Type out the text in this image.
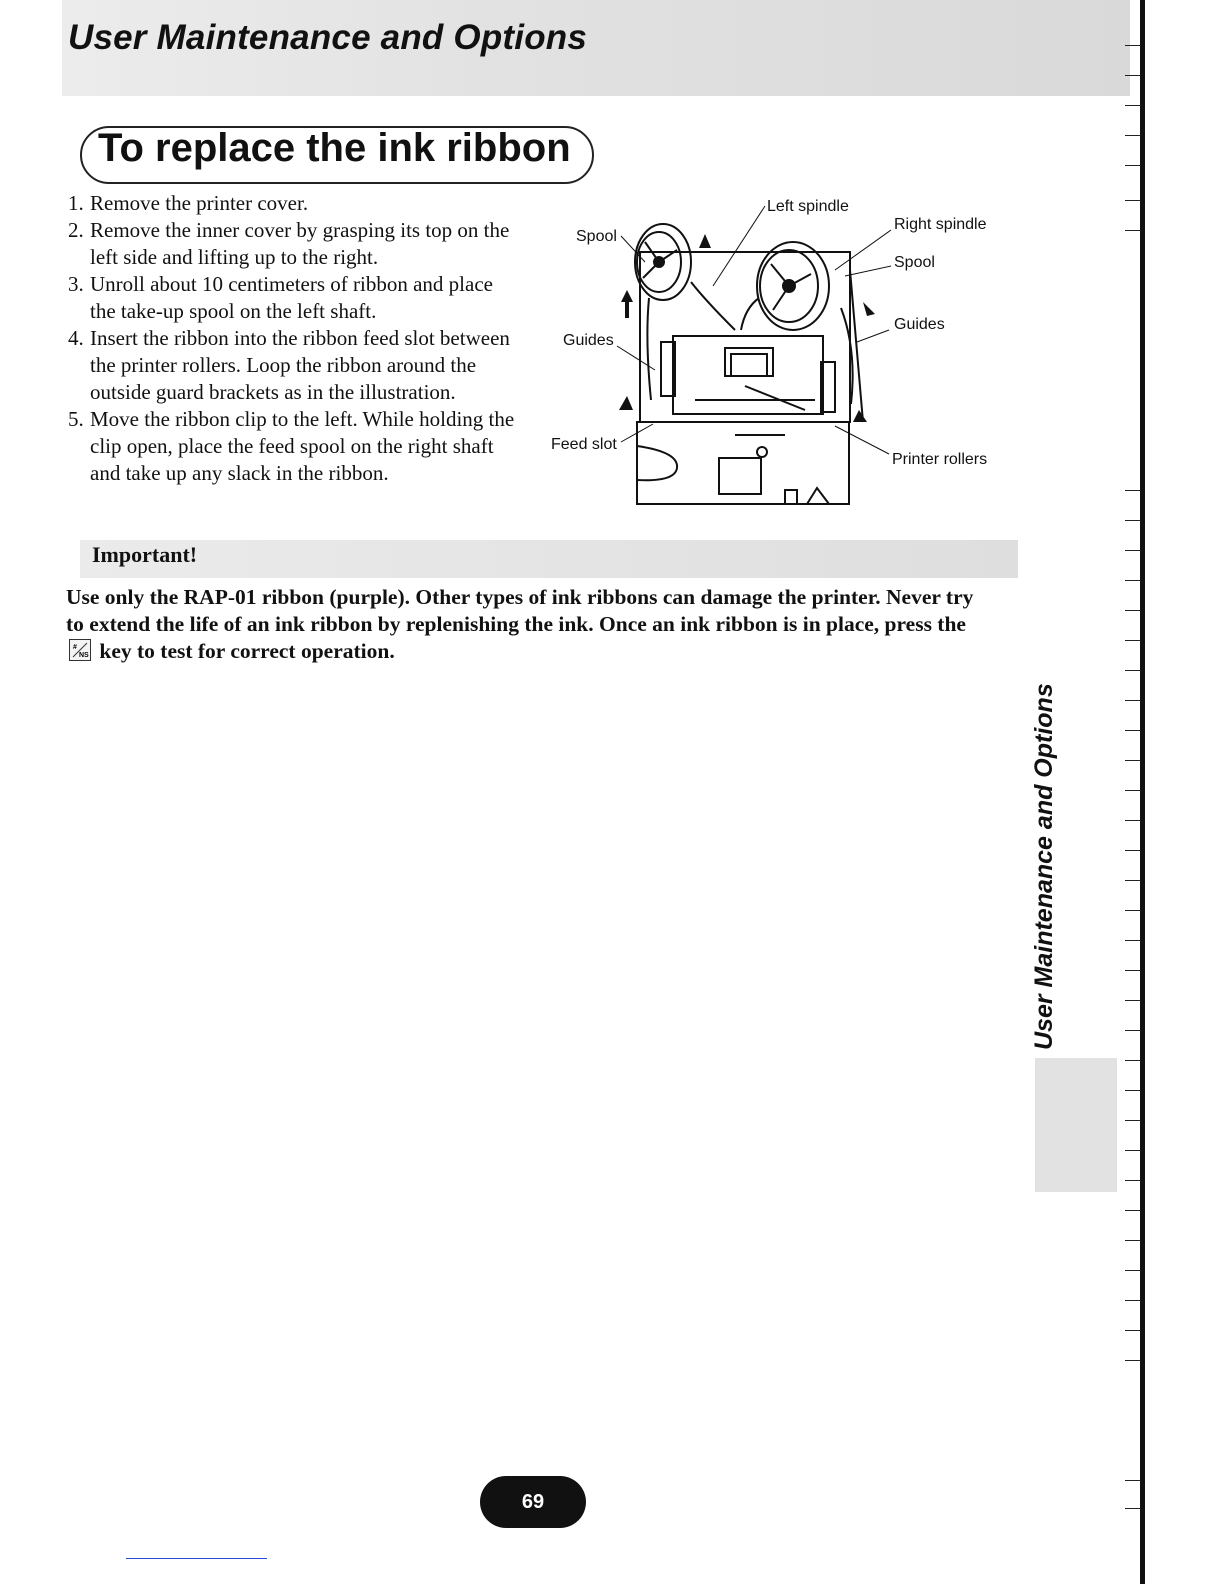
User Maintenance and Options
To replace the ink ribbon
1. Remove the printer cover.
2. Remove the inner cover by grasping its top on the left side and lifting up to the right.
3. Unroll about 10 centimeters of ribbon and place the take-up spool on the left shaft.
4. Insert the ribbon into the ribbon feed slot between the printer rollers. Loop the ribbon around the outside guard brackets as in the illustration.
5. Move the ribbon clip to the left. While holding the clip open, place the feed spool on the right shaft and take up any slack in the ribbon.
Left spindle
Right spindle
Spool
Spool
Guides
Guides
Feed slot
Printer rollers
Important!
Use only the RAP-01 ribbon (purple). Other types of ink ribbons can damage the printer. Never try to extend the life of an ink ribbon by replenishing the ink. Once an ink ribbon is in place, press the
#
NS key to test for correct operation.
User Maintenance and Options
69
